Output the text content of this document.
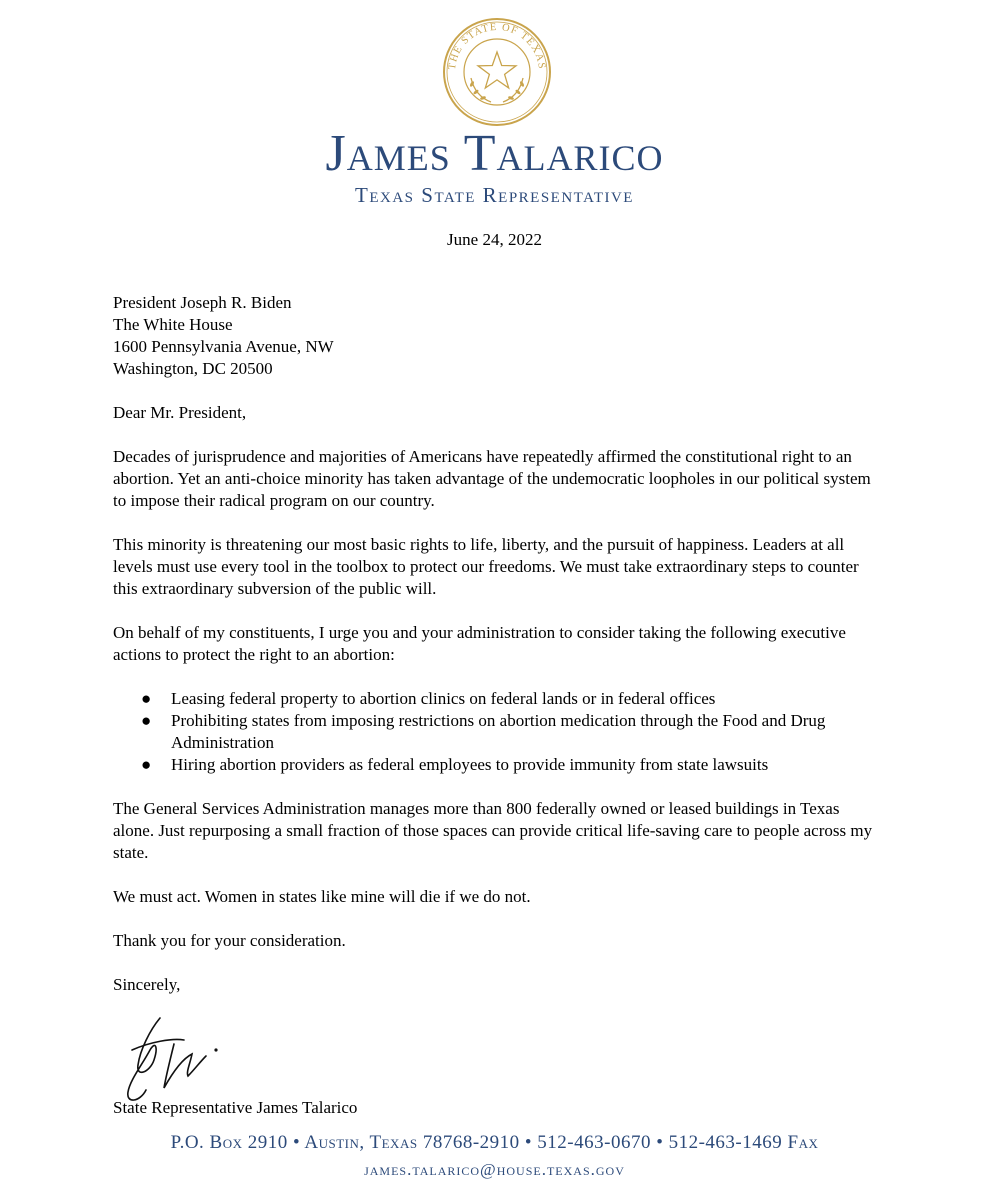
THE STATE OF TEXAS
James Talarico
Texas State Representative
June 24, 2022
President Joseph R. Biden
The White House
1600 Pennsylvania Avenue, NW
Washington, DC 20500
Dear Mr. President,
Decades of jurisprudence and majorities of Americans have repeatedly affirmed the constitutional right to an abortion. Yet an anti-choice minority has taken advantage of the undemocratic loopholes in our political system to impose their radical program on our country.
This minority is threatening our most basic rights to life, liberty, and the pursuit of happiness. Leaders at all levels must use every tool in the toolbox to protect our freedoms. We must take extraordinary steps to counter this extraordinary subversion of the public will.
On behalf of my constituents, I urge you and your administration to consider taking the following executive actions to protect the right to an abortion:
● Leasing federal property to abortion clinics on federal lands or in federal offices
● Prohibiting states from imposing restrictions on abortion medication through the Food and Drug Administration
● Hiring abortion providers as federal employees to provide immunity from state lawsuits
The General Services Administration manages more than 800 federally owned or leased buildings in Texas alone. Just repurposing a small fraction of those spaces can provide critical life-saving care to people across my state.
We must act. Women in states like mine will die if we do not.
Thank you for your consideration.
Sincerely,
State Representative James Talarico
P.O. Box 2910 • Austin, Texas 78768-2910 • 512-463-0670 • 512-463-1469 Fax
james.talarico@house.texas.gov
